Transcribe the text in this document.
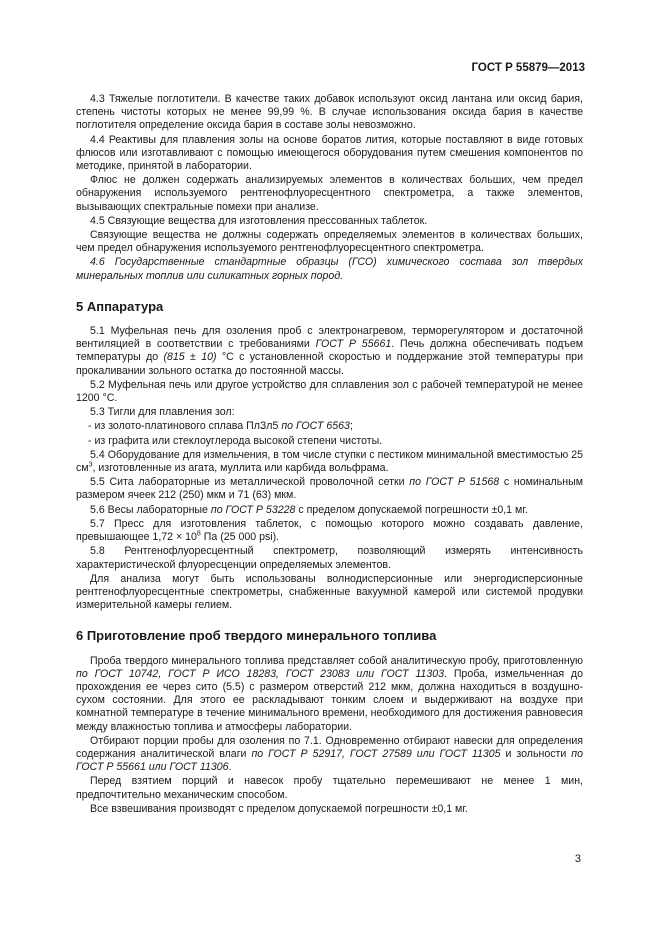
ГОСТ Р 55879—2013

4.3 Тяжелые поглотители. В качестве таких добавок используют оксид лантана или оксид бария, степень чистоты которых не менее 99,99 %. В случае использования оксида бария в качестве поглотителя определение оксида бария в составе золы невозможно.

4.4 Реактивы для плавления золы на основе боратов лития, которые поставляют в виде готовых флюсов или изготавливают с помощью имеющегося оборудования путем смешения компонентов по методике, принятой в лаборатории.

Флюс не должен содержать анализируемых элементов в количествах больших, чем предел обнаружения используемого рентгенофлуоресцентного спектрометра, а также элементов, вызывающих спектральные помехи при анализе.

4.5 Связующие вещества для изготовления прессованных таблеток.

Связующие вещества не должны содержать определяемых элементов в количествах больших, чем предел обнаружения используемого рентгенофлуоресцентного спектрометра.

4.6 Государственные стандартные образцы (ГСО) химического состава зол твердых минеральных топлив или силикатных горных пород.

5 Аппаратура

5.1 Муфельная печь для озоления проб с электронагревом, терморегулятором и достаточной вентиляцией в соответствии с требованиями ГОСТ Р 55661. Печь должна обеспечивать подъем температуры до (815 ± 10) °С с установленной скоростью и поддержание этой температуры при прокаливании зольного остатка до постоянной массы.

5.2 Муфельная печь или другое устройство для сплавления зол с рабочей температурой не менее 1200 °С.

5.3 Тигли для плавления зол:

- из золото-платинового сплава ПлЗл5 по ГОСТ 6563;

- из графита или стеклоуглерода высокой степени чистоты.

5.4 Оборудование для измельчения, в том числе ступки с пестиком минимальной вместимостью 25 $см^3$, изготовленные из агата, муллита или карбида вольфрама.

5.5 Сита лабораторные из металлической проволочной сетки по ГОСТ Р 51568 с номинальным размером ячеек 212 (250) мкм и 71 (63) мкм.

5.6 Весы лабораторные по ГОСТ Р 53228 с пределом допускаемой погрешности ±0,1 мг.

5.7 Пресс для изготовления таблеток, с помощью которого можно создавать давление, превышающее $1,72 \times 10^8$ Па (25 000 psi).

5.8 Рентгенофлуоресцентный спектрометр, позволяющий измерять интенсивность характеристической флуоресценции определяемых элементов.

Для анализа могут быть использованы волнодисперсионные или энергодисперсионные рентгенофлуоресцентные спектрометры, снабженные вакуумной камерой или системой продувки измерительной камеры гелием.

6 Приготовление проб твердого минерального топлива

Проба твердого минерального топлива представляет собой аналитическую пробу, приготовленную по ГОСТ 10742, ГОСТ Р ИСО 18283, ГОСТ 23083 или ГОСТ 11303. Проба, измельченная до прохождения ее через сито (5.5) с размером отверстий 212 мкм, должна находиться в воздушно-сухом состоянии. Для этого ее раскладывают тонким слоем и выдерживают на воздухе при комнатной температуре в течение минимального времени, необходимого для достижения равновесия между влажностью топлива и атмосферы лаборатории.

Отбирают порции пробы для озоления по 7.1. Одновременно отбирают навески для определения содержания аналитической влаги по ГОСТ Р 52917, ГОСТ 27589 или ГОСТ 11305 и зольности по ГОСТ Р 55661 или ГОСТ 11306.

Перед взятием порций и навесок пробу тщательно перемешивают не менее 1 мин, предпочтительно механическим способом.

Все взвешивания производят с пределом допускаемой погрешности ±0,1 мг.

3
